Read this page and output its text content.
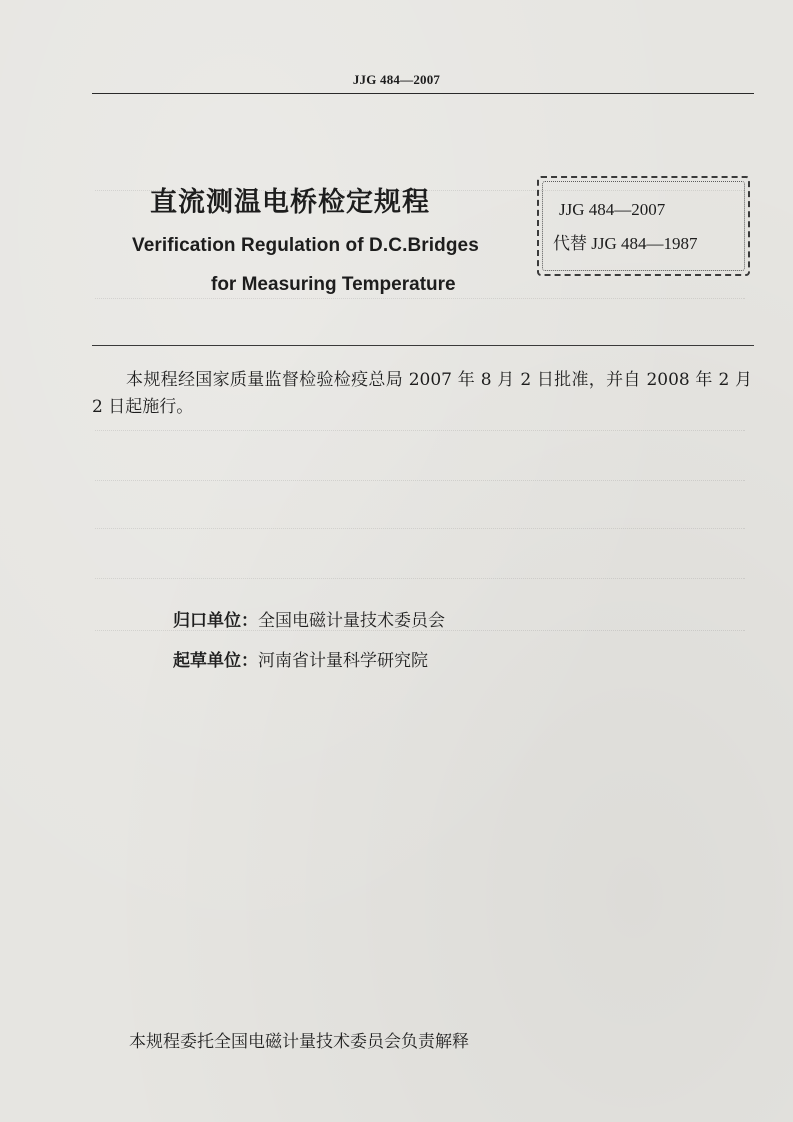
JJG 484—2007
直流测温电桥检定规程
Verification Regulation of D.C.Bridges
for Measuring Temperature
JJG 484—2007
代替 JJG 484—1987
本规程经国家质量监督检验检疫总局 2007 年 8 月 2 日批准，并自 2008 年 2 月 2 日起施行。
归口单位：全国电磁计量技术委员会
起草单位：河南省计量科学研究院
本规程委托全国电磁计量技术委员会负责解释
